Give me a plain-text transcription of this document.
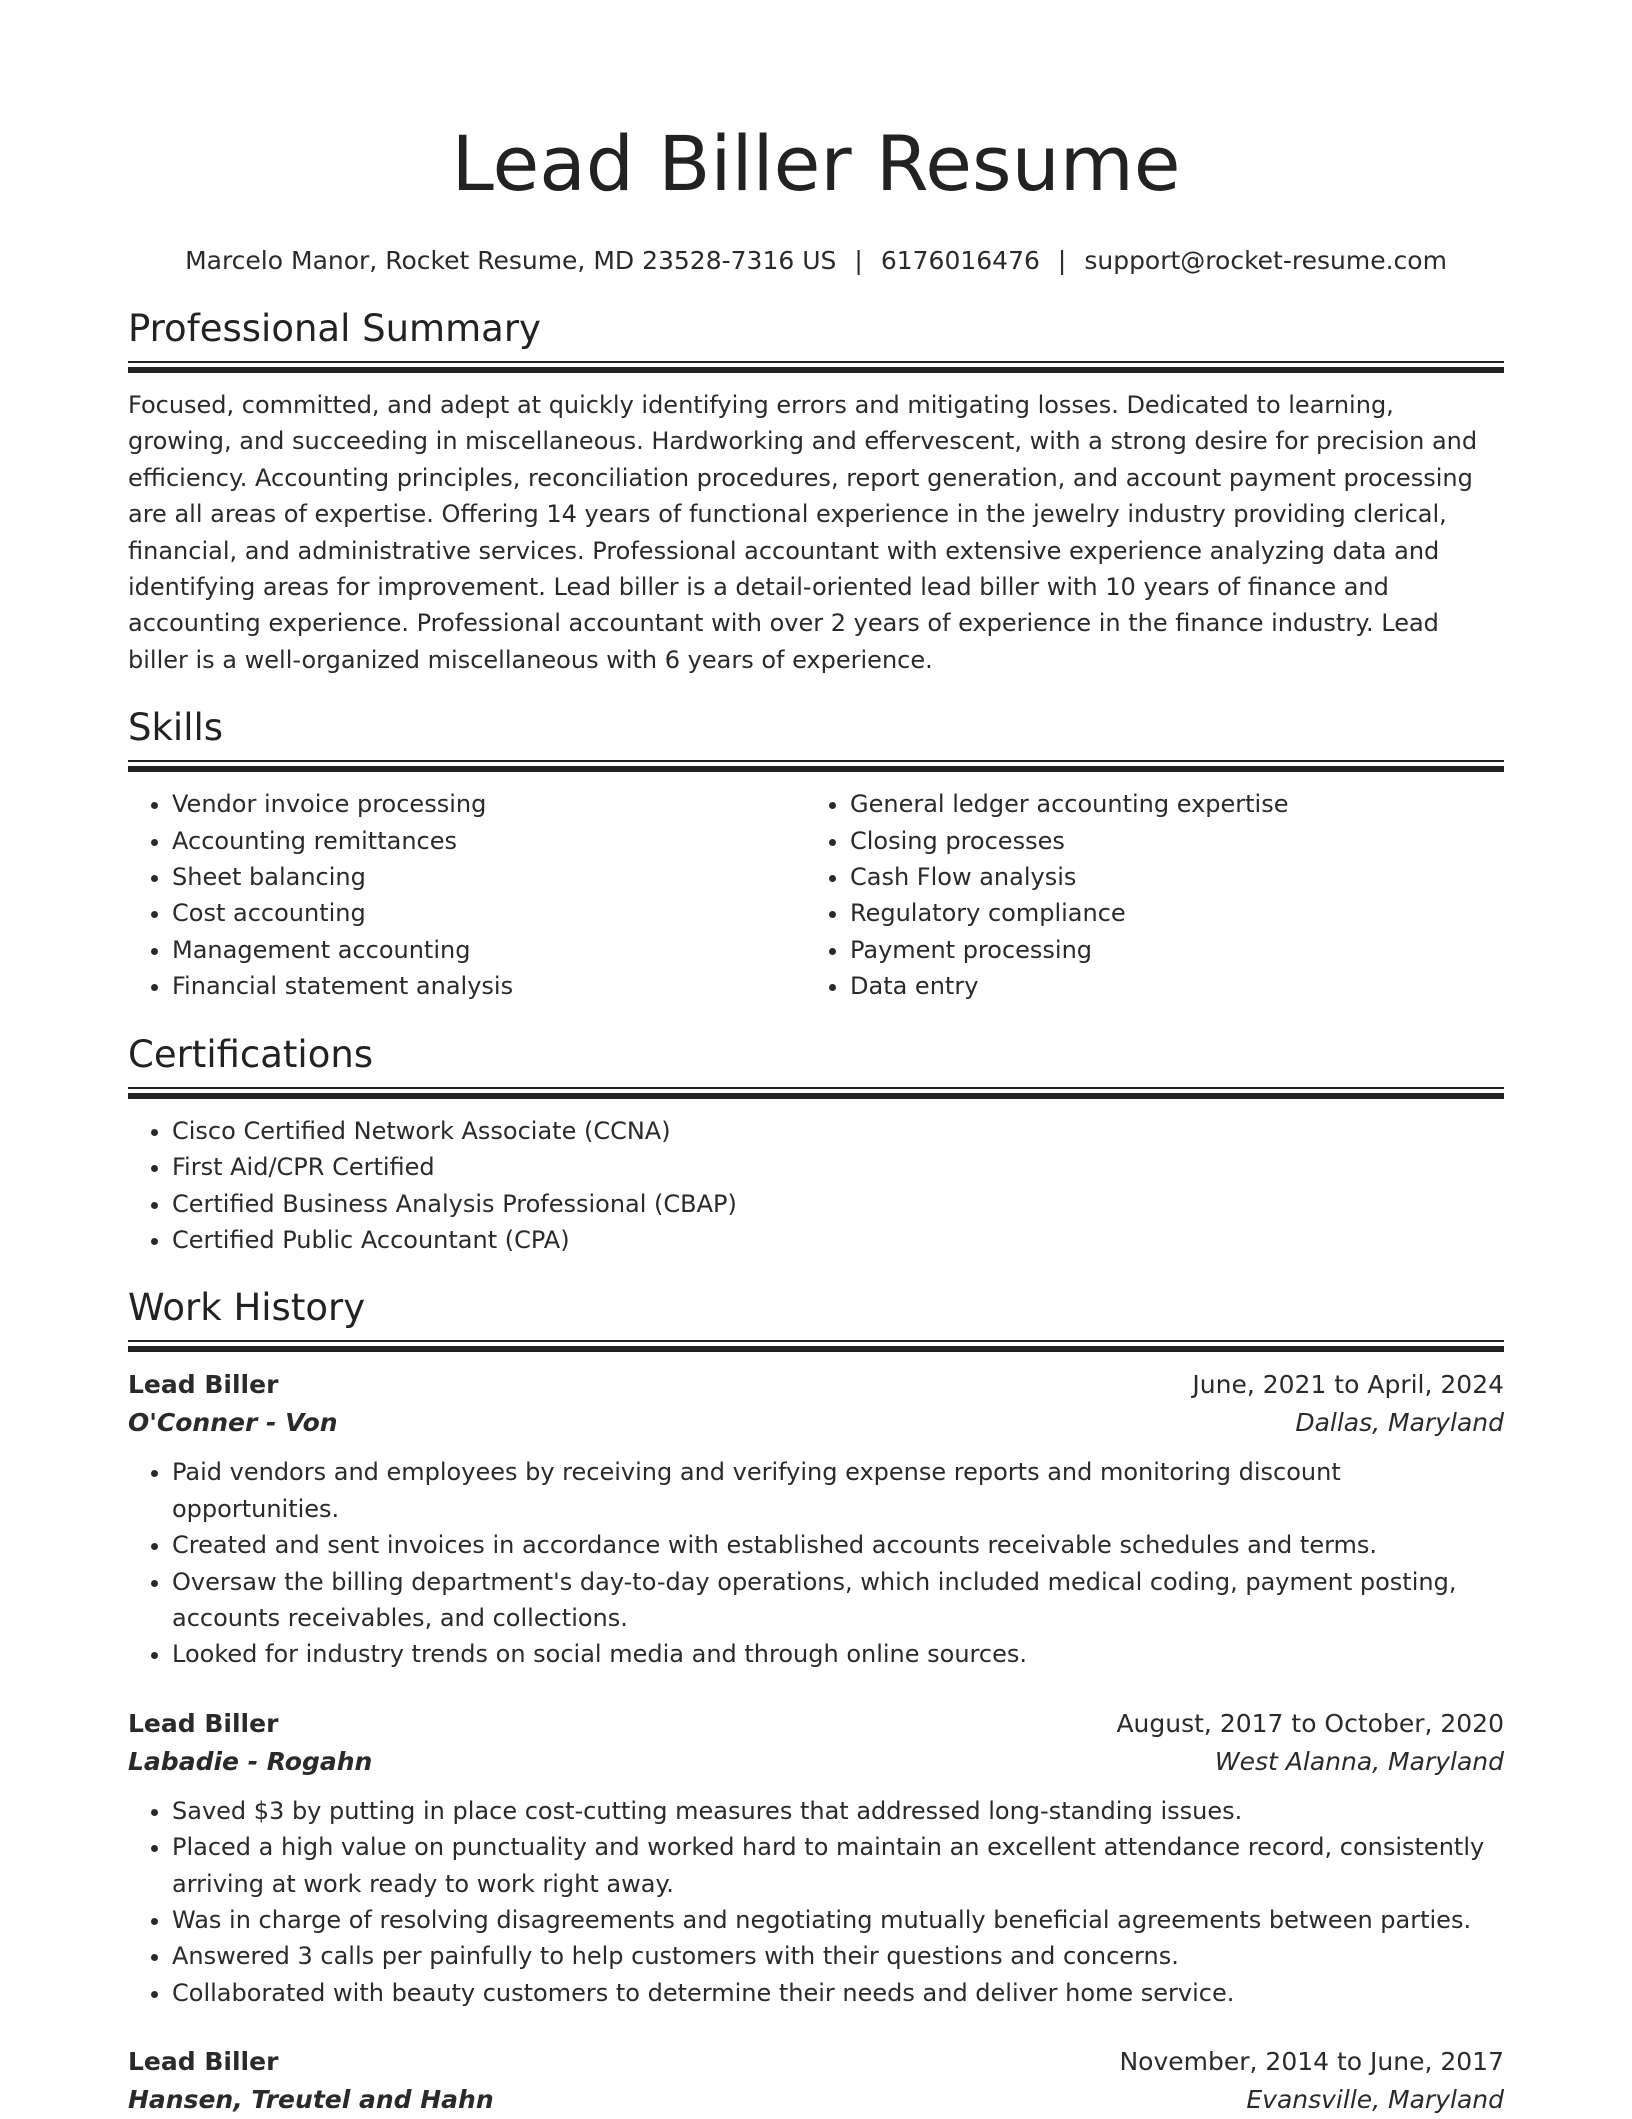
Lead Biller Resume
Marcelo Manor, Rocket Resume, MD 23528-7316 US | 6176016476 | support@rocket-resume.com
Professional Summary

Focused, committed, and adept at quickly identifying errors and mitigating losses. Dedicated to learning, growing, and succeeding in miscellaneous. Hardworking and effervescent, with a strong desire for precision and efficiency. Accounting principles, reconciliation procedures, report generation, and account payment processing are all areas of expertise. Offering 14 years of functional experience in the jewelry industry providing clerical, financial, and administrative services. Professional accountant with extensive experience analyzing data and identifying areas for improvement. Lead biller is a detail-oriented lead biller with 10 years of finance and accounting experience. Professional accountant with over 2 years of experience in the finance industry. Lead biller is a well-organized miscellaneous with 6 years of experience.

Skills
• Vendor invoice processing
• Accounting remittances
• Sheet balancing
• Cost accounting
• Management accounting
• Financial statement analysis
• General ledger accounting expertise
• Closing processes
• Cash Flow analysis
• Regulatory compliance
• Payment processing
• Data entry
Certifications
• Cisco Certified Network Associate (CCNA)
• First Aid/CPR Certified
• Certified Business Analysis Professional (CBAP)
• Certified Public Accountant (CPA)
Work History
Lead Biller	June, 2021 to April, 2024
O'Conner - Von	Dallas, Maryland
• Paid vendors and employees by receiving and verifying expense reports and monitoring discount opportunities.
• Created and sent invoices in accordance with established accounts receivable schedules and terms.
• Oversaw the billing department's day-to-day operations, which included medical coding, payment posting, accounts receivables, and collections.
• Looked for industry trends on social media and through online sources.
Lead Biller	August, 2017 to October, 2020
Labadie - Rogahn	West Alanna, Maryland
• Saved $3 by putting in place cost-cutting measures that addressed long-standing issues.
• Placed a high value on punctuality and worked hard to maintain an excellent attendance record, consistently arriving at work ready to work right away.
• Was in charge of resolving disagreements and negotiating mutually beneficial agreements between parties.
• Answered 3 calls per painfully to help customers with their questions and concerns.
• Collaborated with beauty customers to determine their needs and deliver home service.
Lead Biller	November, 2014 to June, 2017
Hansen, Treutel and Hahn	Evansville, Maryland
